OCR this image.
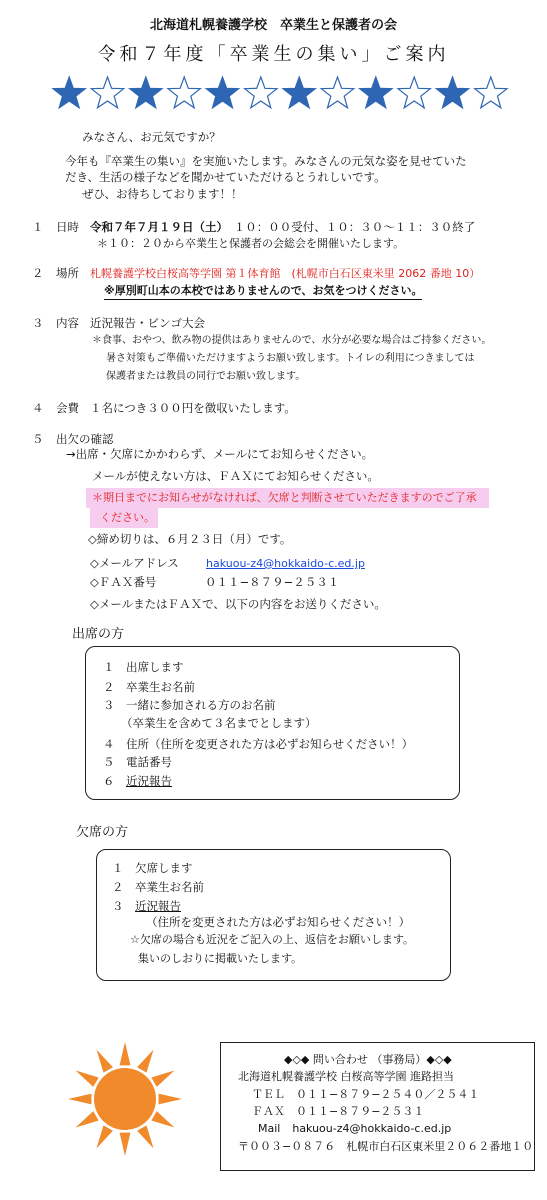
北海道札幌養護学校　卒業生と保護者の会
令和７年度「卒業生の集い」ご案内
みなさん、お元気ですか？
今年も『卒業生の集い』を実施いたします。みなさんの元気な姿を見せていた
だき、生活の様子などを聞かせていただけるとうれしいです。
ぜひ、お待ちしております！！
１ 日時 令和７年７月１９日（土）　１０：００受付、１０：３０～１１：３０終了
＊１０：２０から卒業生と保護者の会総会を開催いたします。
２ 場所 札幌養護学校白桜高等学園 第１体育館　(札幌市白石区東米里 2062 番地 10）
※厚別町山本の本校ではありませんので、お気をつけください。
３ 内容 近況報告・ビンゴ大会
＊食事、おやつ、飲み物の提供はありませんので、水分が必要な場合はご持参ください。
暑さ対策もご準備いただけますようお願い致します。トイレの利用につきましては
保護者または教員の同行でお願い致します。
４ 会費 １名につき３００円を徴収いたします。
５ 出欠の確認
→出席・欠席にかかわらず、メールにてお知らせください。
メールが使えない方は、ＦＡＸにてお知らせください。
＊期日までにお知らせがなければ、欠席と判断させていただきますのでご了承
ください。
◇締め切りは、６月２３日（月）です。
◇メールアドレス hakuou-z4@hokkaido-c.ed.jp
◇ＦＡＸ番号	０１１−８７９−２５３１
◇メールまたはＦＡＸで、以下の内容をお送りください。
出席の方
１　出席します
２　卒業生お名前
３　一緒に参加される方のお名前
（卒業生を含めて３名までとします）
４　住所（住所を変更された方は必ずお知らせください！）
５　電話番号
６　近況報告
欠席の方
１　欠席します
２　卒業生お名前
３　近況報告
（住所を変更された方は必ずお知らせください！）
☆欠席の場合も近況をご記入の上、返信をお願いします。
集いのしおりに掲載いたします。
◆◇◆ 問い合わせ （事務局）◆◇◆
北海道札幌養護学校 白桜高等学園 進路担当
ＴＥＬ　０１１−８７９−２５４０／２５４１
ＦＡＸ　０１１−８７９−２５３１
Mail hakuou-z4@hokkaido-c.ed.jp
〒００３−０８７６　札幌市白石区東米里２０６２番地１０
